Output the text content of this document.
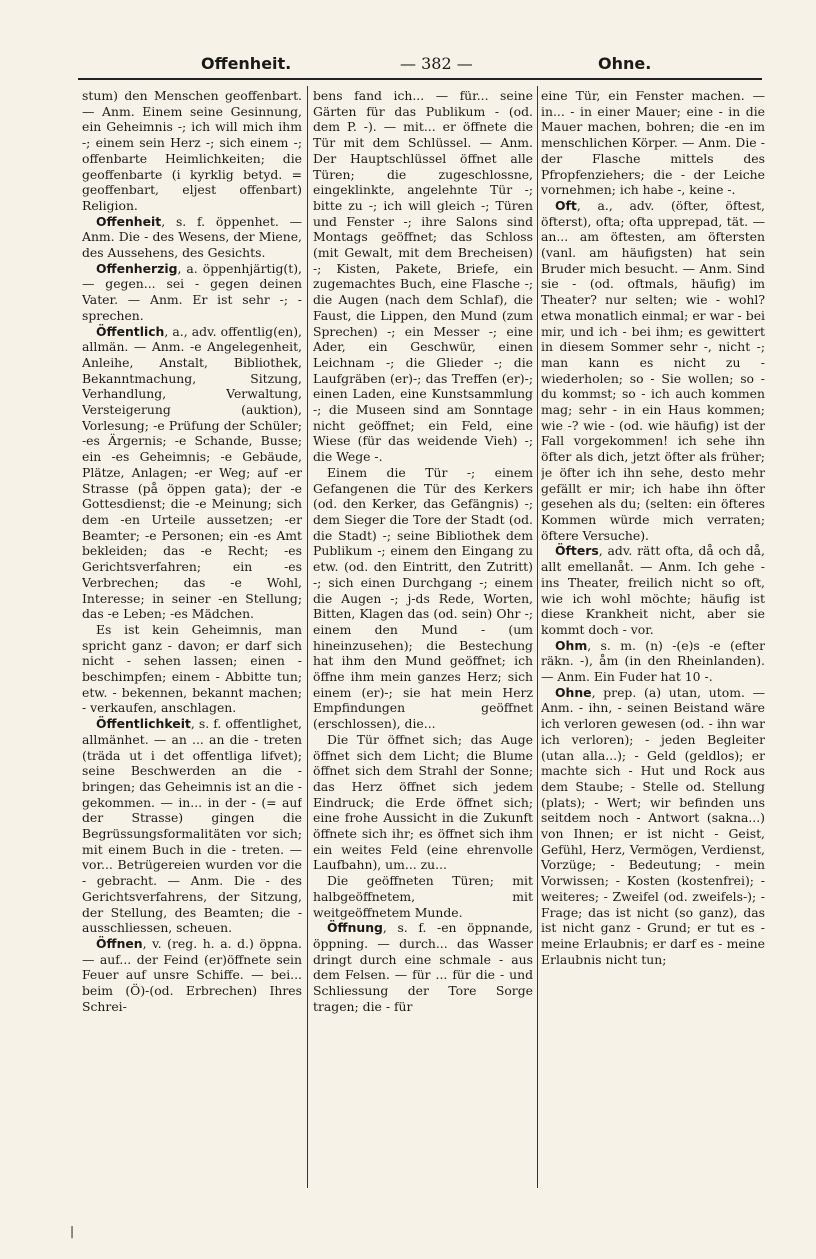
Offenheit.	— 382 —	Ohne.

stum) den Menschen geoffenbart. — Anm. Einem seine Gesinnung, ein Geheimnis -; ich will mich ihm -; einem sein Herz -; sich einem -; offenbarte Heimlichkeiten; die geoffenbarte (i kyrklig betyd. = geoffenbart, eljest offenbart) Religion.

Offenheit, s. f. öppenhet. — Anm. Die - des Wesens, der Miene, des Aussehens, des Gesichts.

Offenherzig, a. öppenhjärtig(t), — gegen... sei - gegen deinen Vater. — Anm. Er ist sehr -; - sprechen.

Öffentlich, a., adv. offentlig(en), allmän. — Anm. -e Angelegenheit, Anleihe, Anstalt, Bibliothek, Bekanntmachung, Sitzung, Verhandlung, Verwaltung, Versteigerung (auktion), Vorlesung; -e Prüfung der Schüler; -es Ärgernis; -e Schande, Busse; ein -es Geheimnis; -e Gebäude, Plätze, Anlagen; -er Weg; auf -er Strasse (på öppen gata); der -e Gottesdienst; die -e Meinung; sich dem -en Urteile aussetzen; -er Beamter; -e Personen; ein -es Amt bekleiden; das -e Recht; -es Gerichtsverfahren; ein -es Verbrechen; das -e Wohl, Interesse; in seiner -en Stellung; das -e Leben; -es Mädchen.

Es ist kein Geheimnis, man spricht ganz - davon; er darf sich nicht - sehen lassen; einen - beschimpfen; einem - Abbitte tun; etw. - bekennen, bekannt machen; - verkaufen, anschlagen.

Öffentlichkeit, s. f. offentlighet, allmänhet. — an ... an die - treten (träda ut i det offentliga lifvet); seine Beschwerden an die - bringen; das Geheimnis ist an die - gekommen. — in... in der - (= auf der Strasse) gingen die Begrüssungsformalitäten vor sich; mit einem Buch in die - treten. — vor... Betrügereien wurden vor die - gebracht. — Anm. Die - des Gerichtsverfahrens, der Sitzung, der Stellung, des Beamten; die - ausschliessen, scheuen.

Öffnen, v. (reg. h. a. d.) öppna. — auf... der Feind (er)öffnete sein Feuer auf unsre Schiffe. — bei... beim (Ö)-(od. Erbrechen) Ihres Schrei-

bens fand ich... — für... seine Gärten für das Publikum - (od. dem P. -). — mit... er öffnete die Tür mit dem Schlüssel. — Anm. Der Hauptschlüssel öffnet alle Türen; die zugeschlossne, eingeklinkte, angelehnte Tür -; bitte zu -; ich will gleich -; Türen und Fenster -; ihre Salons sind Montags geöffnet; das Schloss (mit Gewalt, mit dem Brecheisen) -; Kisten, Pakete, Briefe, ein zugemachtes Buch, eine Flasche -; die Augen (nach dem Schlaf), die Faust, die Lippen, den Mund (zum Sprechen) -; ein Messer -; eine Ader, ein Geschwür, einen Leichnam -; die Glieder -; die Laufgräben (er)-; das Treffen (er)-; einen Laden, eine Kunstsammlung -; die Museen sind am Sonntage nicht geöffnet; ein Feld, eine Wiese (für das weidende Vieh) -; die Wege -.

Einem die Tür -; einem Gefangenen die Tür des Kerkers (od. den Kerker, das Gefängnis) -; dem Sieger die Tore der Stadt (od. die Stadt) -; seine Bibliothek dem Publikum -; einem den Eingang zu etw. (od. den Eintritt, den Zutritt) -; sich einen Durchgang -; einem die Augen -; j-ds Rede, Worten, Bitten, Klagen das (od. sein) Ohr -; einem den Mund - (um hineinzusehen); die Bestechung hat ihm den Mund geöffnet; ich öffne ihm mein ganzes Herz; sich einem (er)-; sie hat mein Herz Empfindungen geöffnet (erschlossen), die...

Die Tür öffnet sich; das Auge öffnet sich dem Licht; die Blume öffnet sich dem Strahl der Sonne; das Herz öffnet sich jedem Eindruck; die Erde öffnet sich; eine frohe Aussicht in die Zukunft öffnete sich ihr; es öffnet sich ihm ein weites Feld (eine ehrenvolle Laufbahn), um... zu...

Die geöffneten Türen; mit halbgeöffnetem, mit weitgeöffnetem Munde.

Öffnung, s. f. -en öppnande, öppning. — durch... das Wasser dringt durch eine schmale - aus dem Felsen. — für ... für die - und Schliessung der Tore Sorge tragen; die - für

eine Tür, ein Fenster machen. — in... - in einer Mauer; eine - in die Mauer machen, bohren; die -en im menschlichen Körper. — Anm. Die - der Flasche mittels des Pfropfenziehers; die - der Leiche vornehmen; ich habe -, keine -.

Oft, a., adv. (öfter, öftest, öfterst), ofta; ofta upprepad, tät. — an... am öftesten, am öftersten (vanl. am häufigsten) hat sein Bruder mich besucht. — Anm. Sind sie - (od. oftmals, häufig) im Theater? nur selten; wie - wohl? etwa monatlich einmal; er war - bei mir, und ich - bei ihm; es gewittert in diesem Sommer sehr -, nicht -; man kann es nicht zu - wiederholen; so - Sie wollen; so - du kommst; so - ich auch kommen mag; sehr - in ein Haus kommen; wie -? wie - (od. wie häufig) ist der Fall vorgekommen! ich sehe ihn öfter als dich, jetzt öfter als früher; je öfter ich ihn sehe, desto mehr gefällt er mir; ich habe ihn öfter gesehen als du; (selten: ein öfteres Kommen würde mich verraten; öftere Versuche).

Öfters, adv. rätt ofta, då och då, allt emellanåt. — Anm. Ich gehe - ins Theater, freilich nicht so oft, wie ich wohl möchte; häufig ist diese Krankheit nicht, aber sie kommt doch - vor.

Ohm, s. m. (n) -(e)s -e (efter räkn. -), åm (in den Rheinlanden). — Anm. Ein Fuder hat 10 -.

Ohne, prep. (a) utan, utom. — Anm. - ihn, - seinen Beistand wäre ich verloren gewesen (od. - ihn war ich verloren); - jeden Begleiter (utan alla...); - Geld (geldlos); er machte sich - Hut und Rock aus dem Staube; - Stelle od. Stellung (plats); - Wert; wir befinden uns seitdem noch - Antwort (sakna...) von Ihnen; er ist nicht - Geist, Gefühl, Herz, Vermögen, Verdienst, Vorzüge; - Bedeutung; - mein Vorwissen; - Kosten (kostenfrei); - weiteres; - Zweifel (od. zweifels-); - Frage; das ist nicht (so ganz), das ist nicht ganz - Grund; er tut es - meine Erlaubnis; er darf es - meine Erlaubnis nicht tun;

|
